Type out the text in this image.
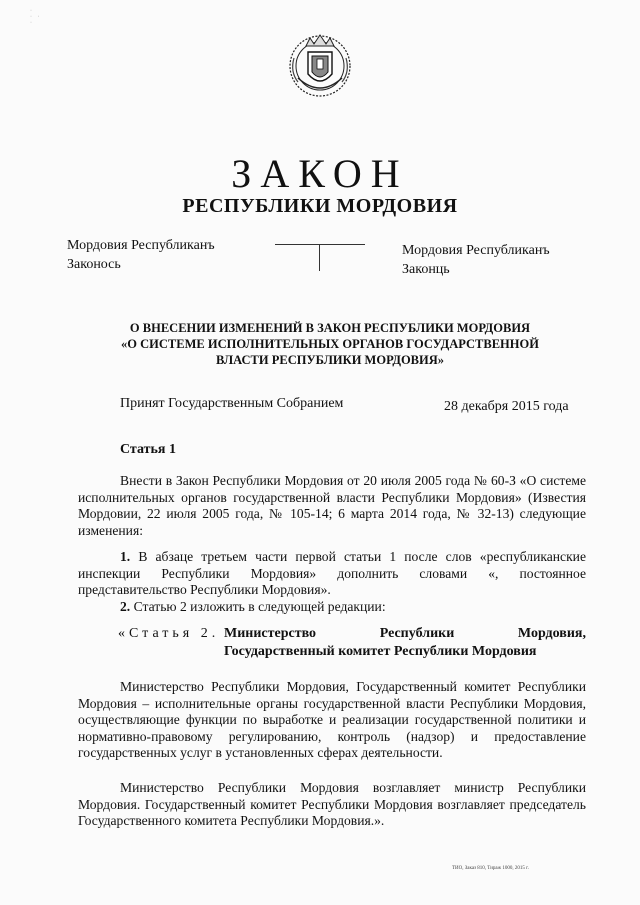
·
· ·
·
ЗАКОН
РЕСПУБЛИКИ МОРДОВИЯ
Мордовия Республиканъ Законось
Мордовия Республиканъ Законць
О ВНЕСЕНИИ ИЗМЕНЕНИЙ В ЗАКОН РЕСПУБЛИКИ МОРДОВИЯ
«О СИСТЕМЕ ИСПОЛНИТЕЛЬНЫХ ОРГАНОВ ГОСУДАРСТВЕННОЙ
ВЛАСТИ РЕСПУБЛИКИ МОРДОВИЯ»
Принят Государственным Собранием	28 декабря 2015 года
Статья 1
Внести в Закон Республики Мордовия от 20 июля 2005 года № 60-З «О системе исполнительных органов государственной власти Республики Мордовия» (Известия Мордовии, 22 июля 2005 года, № 105-14; 6 марта 2014 года, № 32-13) следующие изменения:
1. В абзаце третьем части первой статьи 1 после слов «республиканские инспекции Республики Мордовия» дополнить словами «, постоянное представительство Республики Мордовия».
2. Статью 2 изложить в следующей редакции:
«Статья 2. Министерство Республики Мордовия,
Государственный комитет Республики Мордовия
Министерство Республики Мордовия, Государственный комитет Республики Мордовия – исполнительные органы государственной власти Республики Мордовия, осуществляющие функции по выработке и реализации государственной политики и нормативно-правовому регулированию, контроль (надзор) и предоставление государственных услуг в установленных сферах деятельности.
Министерство Республики Мордовия возглавляет министр Республики Мордовия. Государственный комитет Республики Мордовия возглавляет председатель Государственного комитета Республики Мордовия.».
ТИО, Заказ 810, Тираж 1000, 2015 г.
